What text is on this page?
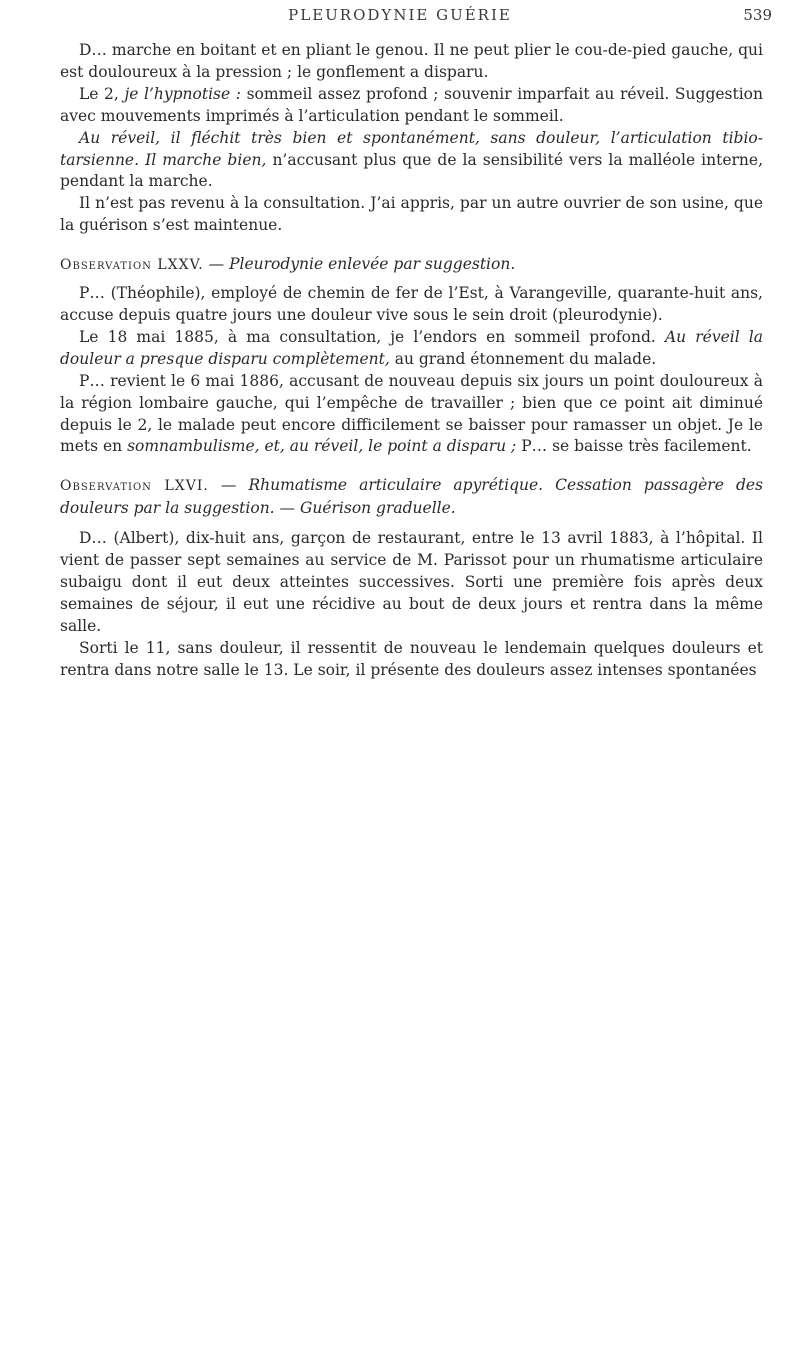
PLEURODYNIE GUÉRIE	539

D… marche en boitant et en pliant le genou. Il ne peut plier le cou-de-pied gauche, qui est douloureux à la pression ; le gonflement a disparu.

Le 2, je l’hypnotise : sommeil assez profond ; souvenir imparfait au réveil. Suggestion avec mouvements imprimés à l’articulation pendant le sommeil.

Au réveil, il fléchit très bien et spontanément, sans douleur, l’articulation tibio-tarsienne. Il marche bien, n’accusant plus que de la sensibilité vers la malléole interne, pendant la marche.

Il n’est pas revenu à la consultation. J’ai appris, par un autre ouvrier de son usine, que la guérison s’est maintenue.

Observation LXXV. — Pleurodynie enlevée par suggestion.

P… (Théophile), employé de chemin de fer de l’Est, à Varangeville, quarante-huit ans, accuse depuis quatre jours une douleur vive sous le sein droit (pleurodynie).

Le 18 mai 1885, à ma consultation, je l’endors en sommeil profond. Au réveil la douleur a presque disparu complètement, au grand étonnement du malade.

P… revient le 6 mai 1886, accusant de nouveau depuis six jours un point douloureux à la région lombaire gauche, qui l’empêche de travailler ; bien que ce point ait diminué depuis le 2, le malade peut encore difficilement se baisser pour ramasser un objet. Je le mets en somnambulisme, et, au réveil, le point a disparu ; P… se baisse très facilement.

Observation LXVI. — Rhumatisme articulaire apyrétique. Cessation passagère des douleurs par la suggestion. — Guérison graduelle.

D… (Albert), dix-huit ans, garçon de restaurant, entre le 13 avril 1883, à l’hôpital. Il vient de passer sept semaines au service de M. Parissot pour un rhumatisme articulaire subaigu dont il eut deux atteintes successives. Sorti une première fois après deux semaines de séjour, il eut une récidive au bout de deux jours et rentra dans la même salle.

Sorti le 11, sans douleur, il ressentit de nouveau le lendemain quelques douleurs et rentra dans notre salle le 13. Le soir, il présente des douleurs assez intenses spontanées
